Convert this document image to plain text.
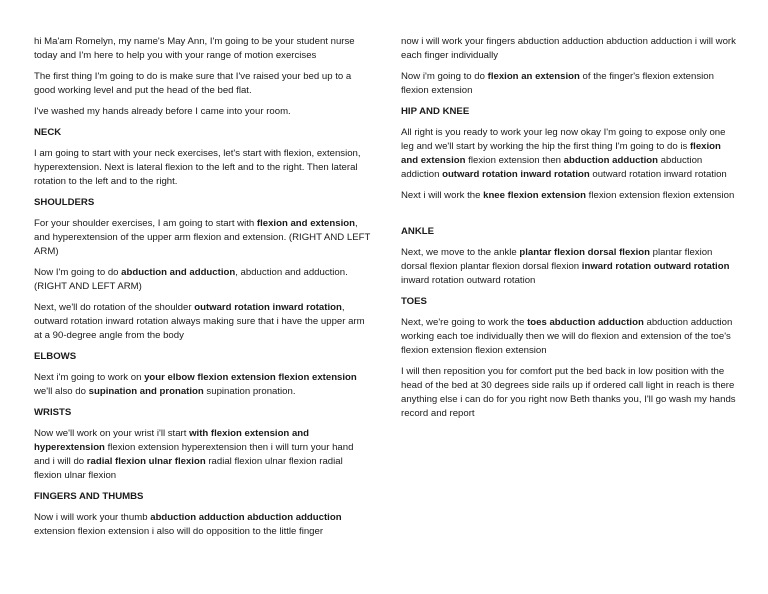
hi Ma'am Romelyn, my name's May Ann, I'm going to be your student nurse today and I'm here to help you with your range of motion exercises

The first thing I'm going to do is make sure that I've raised your bed up to a good working level and put the head of the bed flat.

I've washed my hands already before I came into your room.

NECK

I am going to start with your neck exercises, let's start with flexion, extension, hyperextension. Next is lateral flexion to the left and to the right. Then lateral rotation to the left and to the right.

SHOULDERS

For your shoulder exercises, I am going to start with flexion and extension, and hyperextension of the upper arm flexion and extension. (RIGHT AND LEFT ARM)

Now I'm going to do abduction and adduction, abduction and adduction. (RIGHT AND LEFT ARM)

Next, we'll do rotation of the shoulder outward rotation inward rotation, outward rotation inward rotation always making sure that i have the upper arm at a 90-degree angle from the body

ELBOWS

Next i'm going to work on your elbow flexion extension flexion extension we'll also do supination and pronation supination pronation.

WRISTS

Now we'll work on your wrist i'll start with flexion extension and hyperextension flexion extension hyperextension then i will turn your hand and i will do radial flexion ulnar flexion radial flexion ulnar flexion radial flexion ulnar flexion

FINGERS AND THUMBS

Now i will work your thumb abduction adduction abduction adduction extension flexion extension i also will do opposition to the little finger

now i will work your fingers abduction adduction abduction adduction i will work each finger individually

Now i'm going to do flexion an extension of the finger's flexion extension flexion extension

HIP AND KNEE

All right is you ready to work your leg now okay I'm going to expose only one leg and we'll start by working the hip the first thing I'm going to do is flexion and extension flexion extension then abduction adduction abduction addiction outward rotation inward rotation outward rotation inward rotation

Next i will work the knee flexion extension flexion extension flexion extension

ANKLE

Next, we move to the ankle plantar flexion dorsal flexion plantar flexion dorsal flexion plantar flexion dorsal flexion inward rotation outward rotation inward rotation outward rotation

TOES

Next, we're going to work the toes abduction adduction abduction adduction working each toe individually then we will do flexion and extension of the toe's flexion extension flexion extension

I will then reposition you for comfort put the bed back in low position with the head of the bed at 30 degrees side rails up if ordered call light in reach is there anything else i can do for you right now Beth thanks you, I'll go wash my hands record and report
